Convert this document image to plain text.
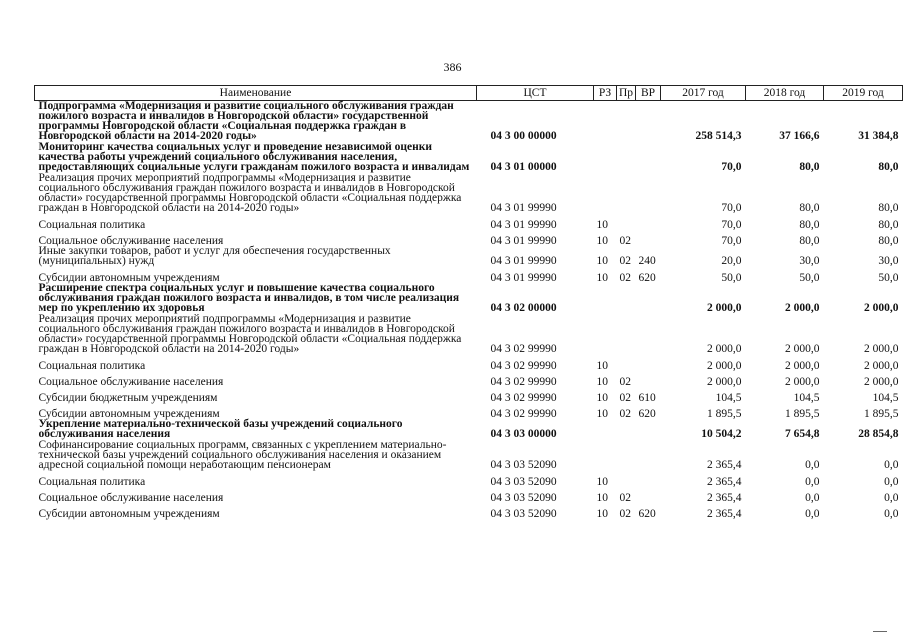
386
Наименование	ЦСТ	РЗ	Пр	ВР	2017 год	2018 год	2019 год
Подпрограмма «Модернизация и развитие социального обслуживания граждан пожилого возраста и инвалидов в Новгородской области» государственной программы Новгородской области «Социальная поддержка граждан в Новгородской области на 2014-2020 годы»	04 3 00 00000				258 514,3	37 166,6	31 384,8
Мониторинг качества социальных услуг и проведение независимой оценки качества работы учреждений социального обслуживания населения, предоставляющих социальные услуги гражданам пожилого возраста и инвалидам	04 3 01 00000				70,0	80,0	80,0
Реализация прочих мероприятий подпрограммы «Модернизация и развитие социального обслуживания граждан пожилого возраста и инвалидов в Новгородской области» государственной программы Новгородской области «Социальная поддержка граждан в Новгородской области на 2014-2020 годы»	04 3 01 99990				70,0	80,0	80,0
Социальная политика	04 3 01 99990	10			70,0	80,0	80,0
Социальное обслуживание населения	04 3 01 99990	10	02		70,0	80,0	80,0
Иные закупки товаров, работ и услуг для обеспечения государственных (муниципальных) нужд	04 3 01 99990	10	02	240	20,0	30,0	30,0
Субсидии автономным учреждениям	04 3 01 99990	10	02	620	50,0	50,0	50,0
Расширение спектра социальных услуг и повышение качества социального обслуживания граждан пожилого возраста и инвалидов, в том числе реализация мер по укреплению их здоровья	04 3 02 00000				2 000,0	2 000,0	2 000,0
Реализация прочих мероприятий подпрограммы «Модернизация и развитие социального обслуживания граждан пожилого возраста и инвалидов в Новгородской области» государственной программы Новгородской области «Социальная поддержка граждан в Новгородской области на 2014-2020 годы»	04 3 02 99990				2 000,0	2 000,0	2 000,0
Социальная политика	04 3 02 99990	10			2 000,0	2 000,0	2 000,0
Социальное обслуживание населения	04 3 02 99990	10	02		2 000,0	2 000,0	2 000,0
Субсидии бюджетным учреждениям	04 3 02 99990	10	02	610	104,5	104,5	104,5
Субсидии автономным учреждениям	04 3 02 99990	10	02	620	1 895,5	1 895,5	1 895,5
Укрепление материально-технической базы учреждений социального обслуживания населения	04 3 03 00000				10 504,2	7 654,8	28 854,8
Софинансирование социальных программ, связанных с укреплением материально-технической базы учреждений социального обслуживания населения и оказанием адресной социальной помощи неработающим пенсионерам	04 3 03 52090				2 365,4	0,0	0,0
Социальная политика	04 3 03 52090	10			2 365,4	0,0	0,0
Социальное обслуживание населения	04 3 03 52090	10	02		2 365,4	0,0	0,0
Субсидии автономным учреждениям	04 3 03 52090	10	02	620	2 365,4	0,0	0,0
